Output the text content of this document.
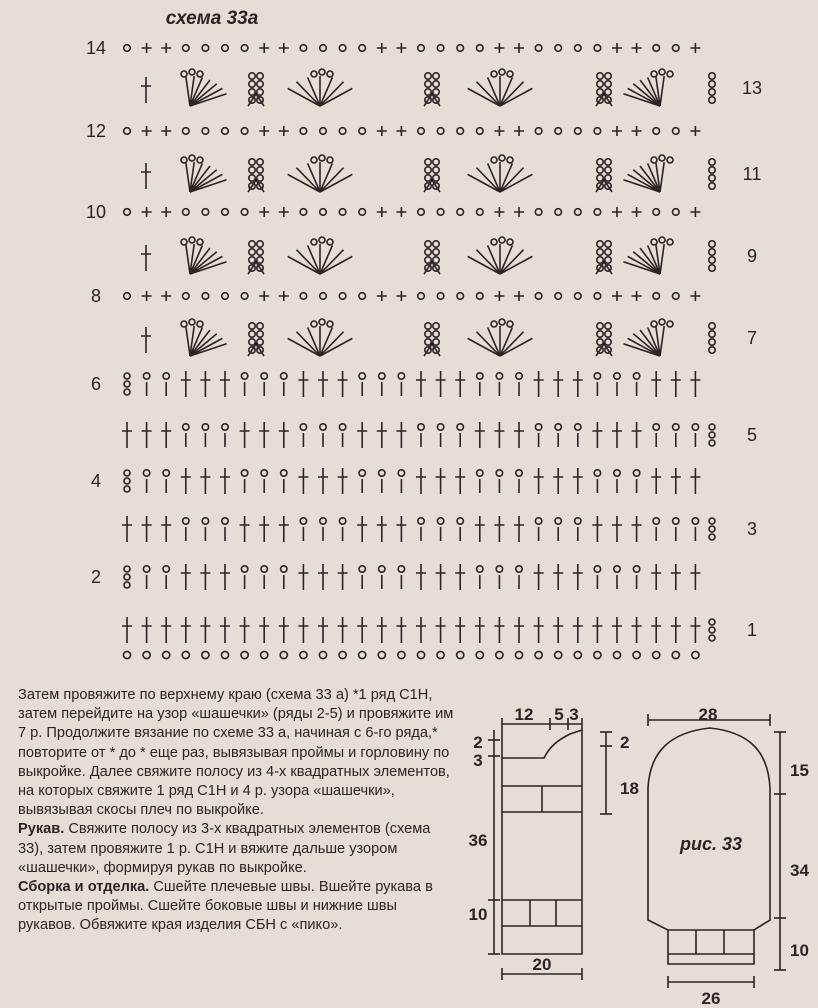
схема 33а
14
12
10
8
6
4
2
13
11
9
7
5
3
1

Затем провяжите по верхнему краю (схема 33 а) *1 ряд С1Н, затем перейдите на узор «шашечки» (ряды 2-5) и провяжите им 7 р. Продолжите вязание по схеме 33 а, начиная с 6-го ряда,* повторите от * до * еще раз, вывязывая проймы и горловину по выкройке. Далее свяжите полосу из 4-х квадратных элементов, на которых свяжите 1 ряд С1Н и 4 р. узора «шашечки», вывязывая скосы плеч по выкройке.

Рукав. Свяжите полосу из 3-х квадратных элементов (схема 33), затем провяжите 1 р. С1Н и вяжите дальше узором «шашечки», формируя рукав по выкройке.

Сборка и отделка. Сшейте плечевые швы. Вшейте рукава в открытые проймы. Сшейте боковые швы и нижние швы рукавов. Обвяжите края изделия СБН с «пико».

12 5 3
2
3
2
18
36
10
20
рис. 33
28
15
34
10
26
